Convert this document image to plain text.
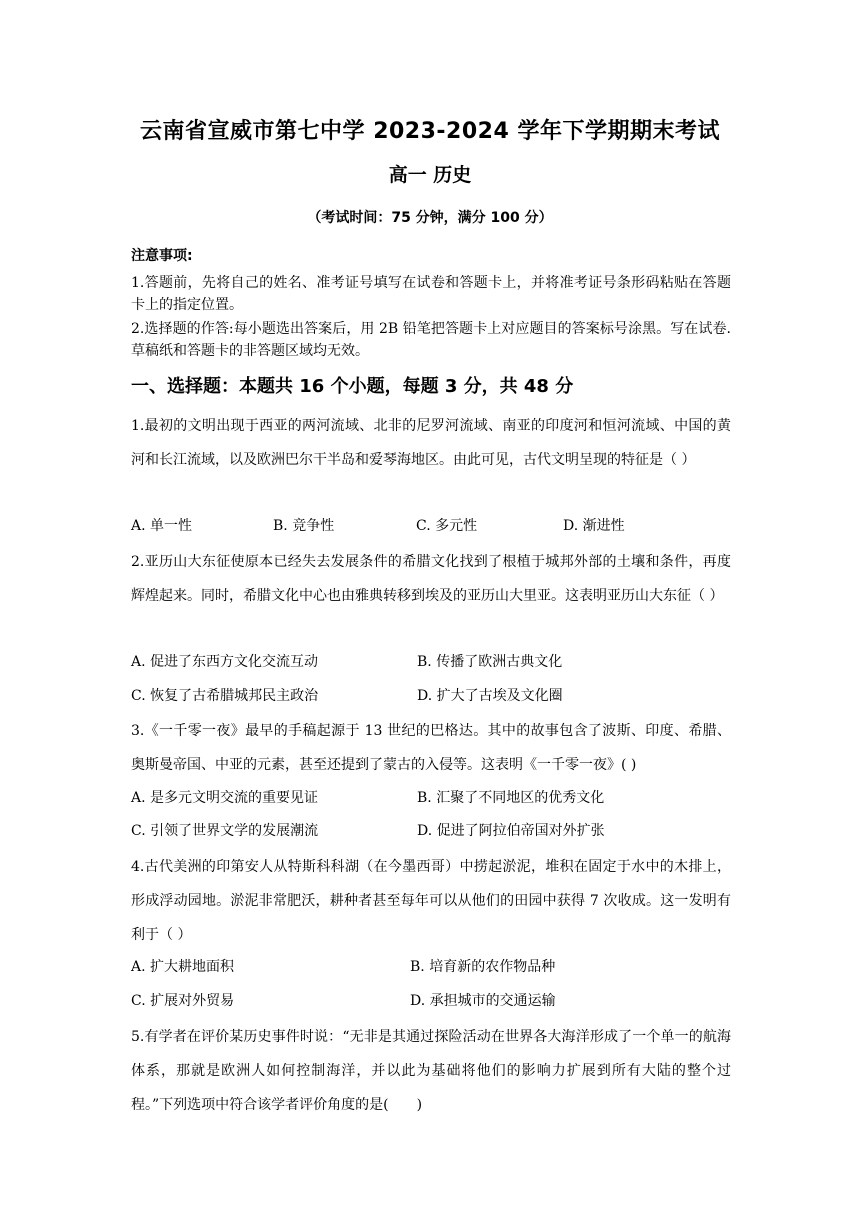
云南省宣威市第七中学 2023-2024 学年下学期期末考试
高一 历史
（考试时间：75 分钟，满分 100 分）
注意事项:
1.答题前，先将自己的姓名、准考证号填写在试卷和答题卡上，并将准考证号条形码粘贴在答题卡上的指定位置。
2.选择题的作答:每小题选出答案后，用 2B 铅笔把答题卡上对应题目的答案标号涂黑。写在试卷.草稿纸和答题卡的非答题区域均无效。
一、选择题：本题共 16 个小题，每题 3 分，共 48 分
1.最初的文明出现于西亚的两河流域、北非的尼罗河流域、南亚的印度河和恒河流域、中国的黄河和长江流域，以及欧洲巴尔干半岛和爱琴海地区。由此可见，古代文明呈现的特征是（ ）
A. 单一性	B. 竞争性	C. 多元性	D. 渐进性
2.亚历山大东征使原本已经失去发展条件的希腊文化找到了根植于城邦外部的土壤和条件，再度辉煌起来。同时，希腊文化中心也由雅典转移到埃及的亚历山大里亚。这表明亚历山大东征（ ）
A. 促进了东西方文化交流互动	B. 传播了欧洲古典文化
C. 恢复了古希腊城邦民主政治	D. 扩大了古埃及文化圈
3.《一千零一夜》最早的手稿起源于 13 世纪的巴格达。其中的故事包含了波斯、印度、希腊、奥斯曼帝国、中亚的元素，甚至还提到了蒙古的入侵等。这表明《一千零一夜》( )
A. 是多元文明交流的重要见证	B. 汇聚了不同地区的优秀文化
C. 引领了世界文学的发展潮流	D. 促进了阿拉伯帝国对外扩张
4.古代美洲的印第安人从特斯科科湖（在今墨西哥）中捞起淤泥，堆积在固定于水中的木排上，形成浮动园地。淤泥非常肥沃，耕种者甚至每年可以从他们的田园中获得 7 次收成。这一发明有利于（ ）
A. 扩大耕地面积	B. 培育新的农作物品种
C. 扩展对外贸易	D. 承担城市的交通运输
5.有学者在评价某历史事件时说：“无非是其通过探险活动在世界各大海洋形成了一个单一的航海体系，那就是欧洲人如何控制海洋，并以此为基础将他们的影响力扩展到所有大陆的整个过程。”下列选项中符合该学者评价角度的是(　　)
